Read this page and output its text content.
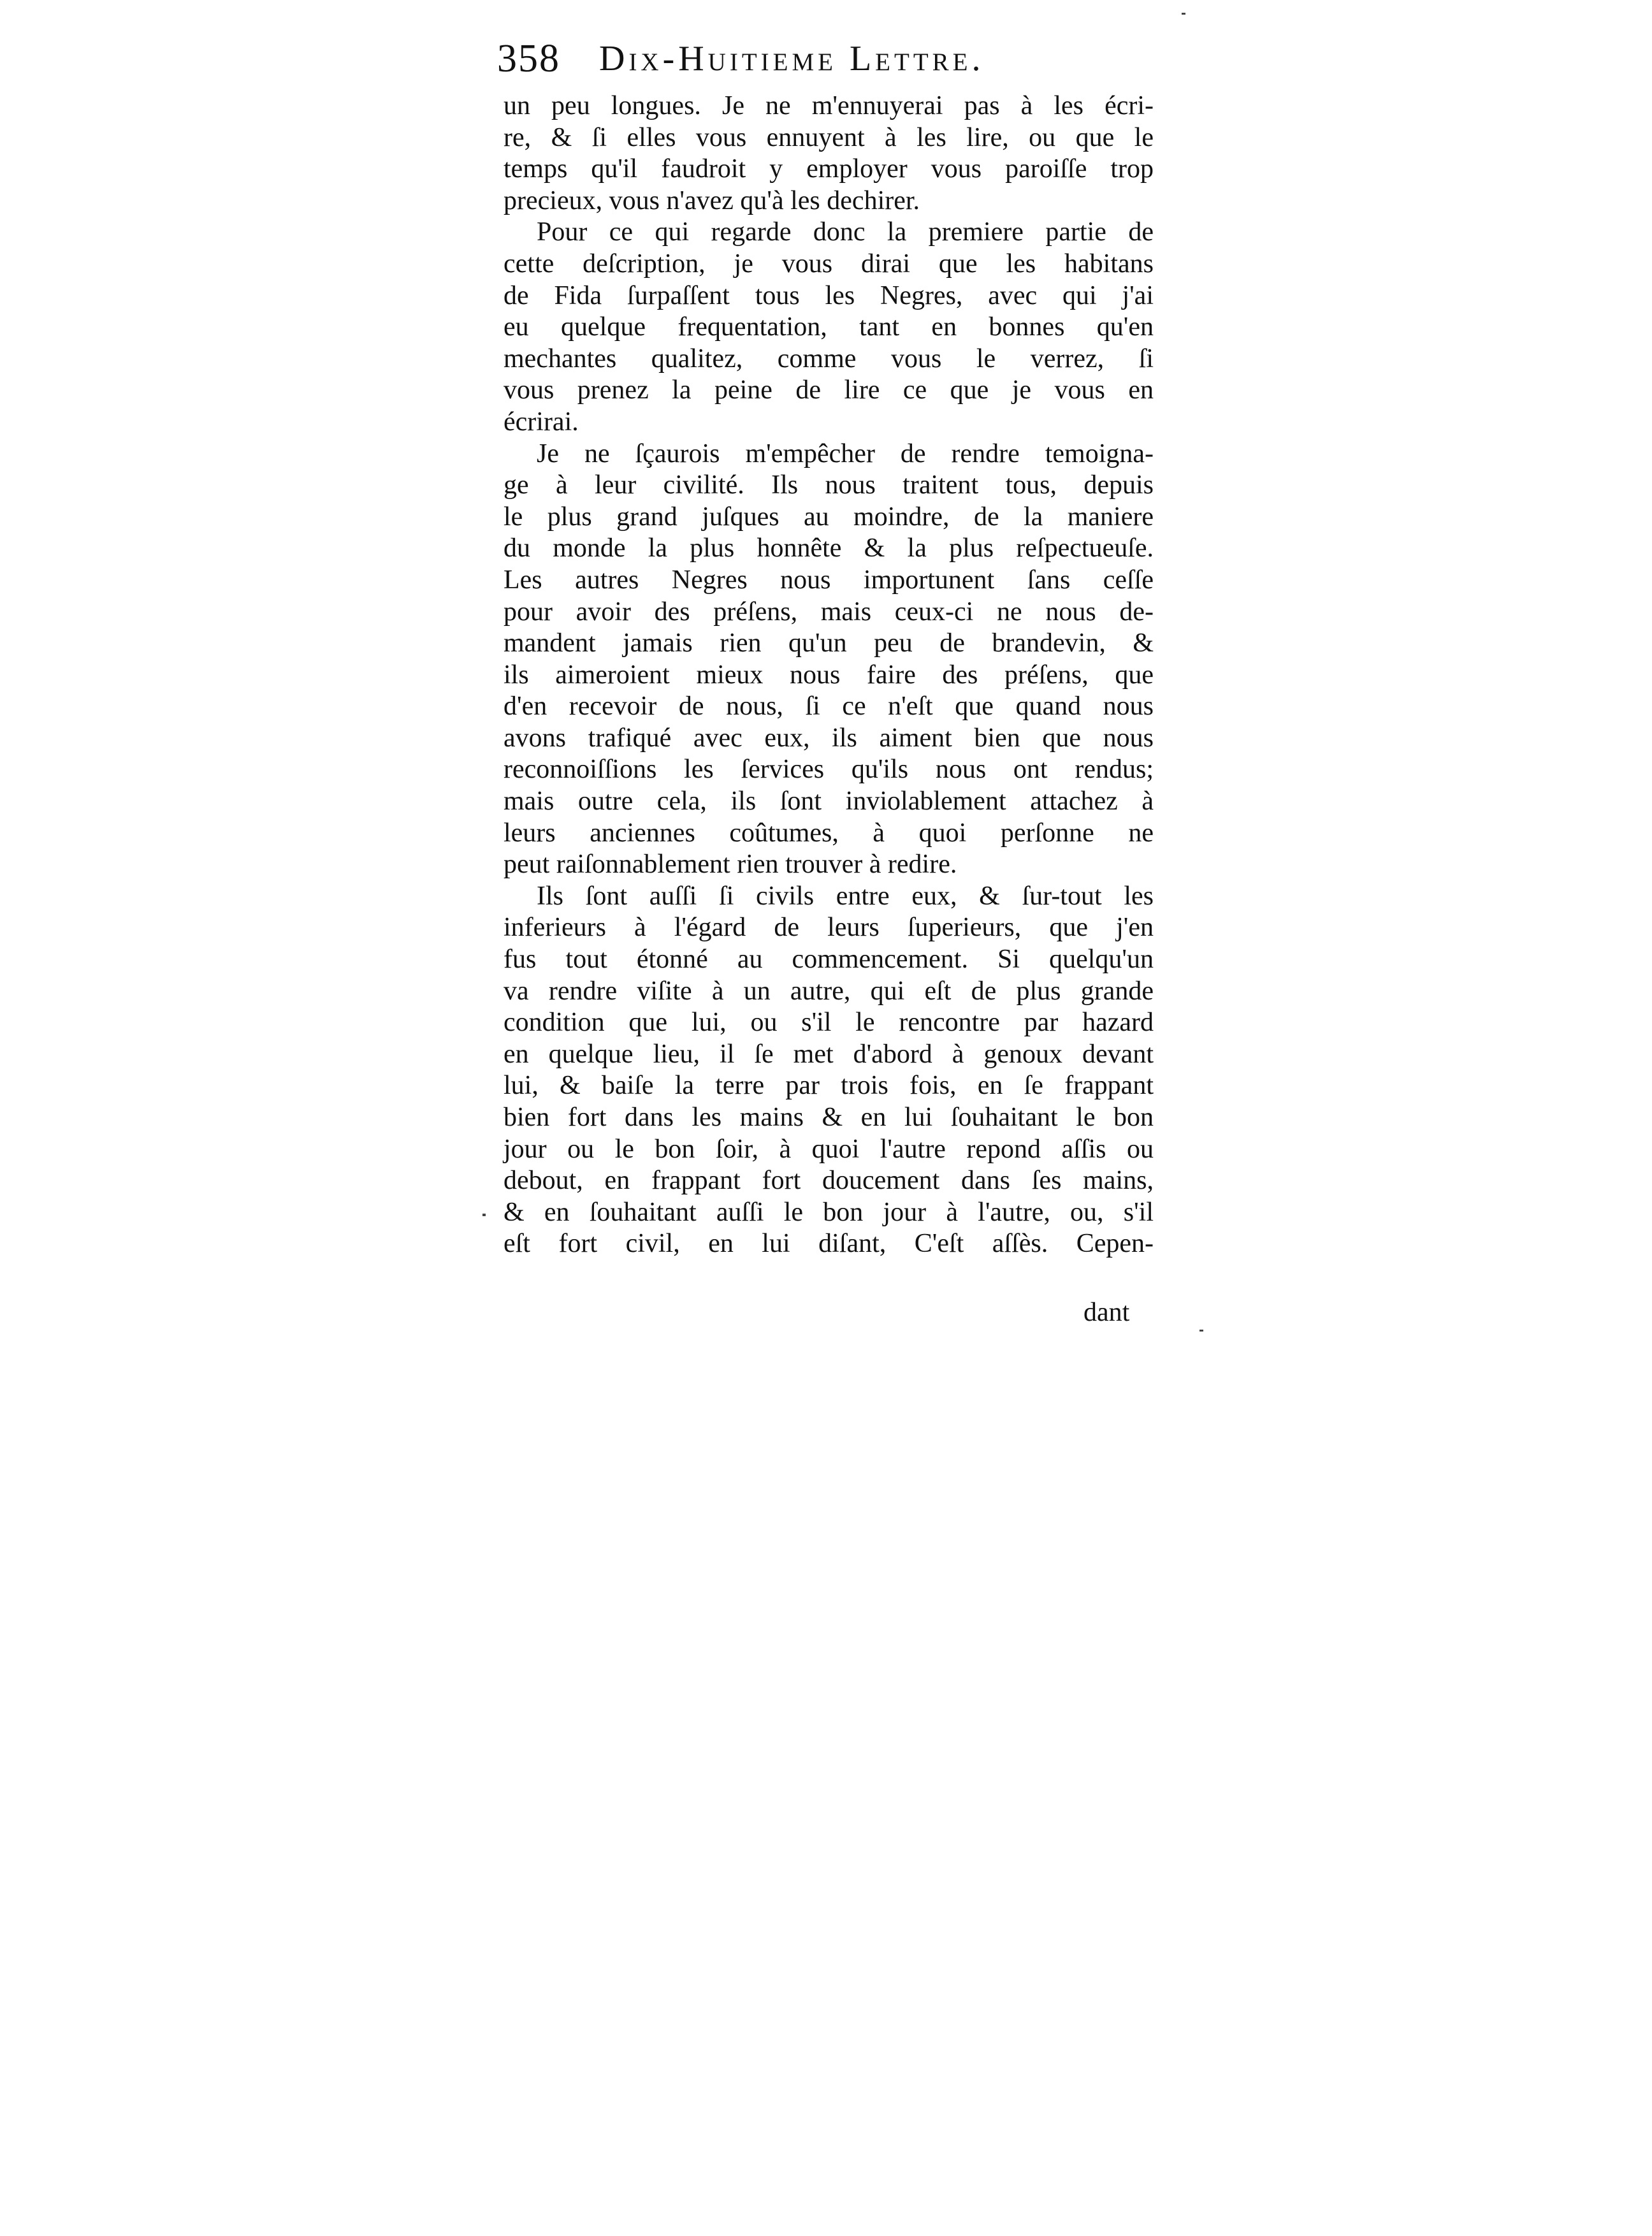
358 Dix-Huitieme Lettre.
un peu longues. Je ne m'ennuyerai pas à les écri-
re, & ſi elles vous ennuyent à les lire, ou que le
temps qu'il faudroit y employer vous paroiſſe trop
precieux, vous n'avez qu'à les dechirer.
Pour ce qui regarde donc la premiere partie de
cette deſcription, je vous dirai que les habitans
de Fida ſurpaſſent tous les Negres, avec qui j'ai
eu quelque frequentation, tant en bonnes qu'en
mechantes qualitez, comme vous le verrez, ſi
vous prenez la peine de lire ce que je vous en
écrirai.
Je ne ſçaurois m'empêcher de rendre temoigna-
ge à leur civilité. Ils nous traitent tous, depuis
le plus grand juſques au moindre, de la maniere
du monde la plus honnête & la plus reſpectueuſe.
Les autres Negres nous importunent ſans ceſſe
pour avoir des préſens, mais ceux-ci ne nous de-
mandent jamais rien qu'un peu de brandevin, &
ils aimeroient mieux nous faire des préſens, que
d'en recevoir de nous, ſi ce n'eſt que quand nous
avons trafiqué avec eux, ils aiment bien que nous
reconnoiſſions les ſervices qu'ils nous ont rendus;
mais outre cela, ils ſont inviolablement attachez à
leurs anciennes coûtumes, à quoi perſonne ne
peut raiſonnablement rien trouver à redire.
Ils ſont auſſi ſi civils entre eux, & ſur-tout les
inferieurs à l'égard de leurs ſuperieurs, que j'en
fus tout étonné au commencement. Si quelqu'un
va rendre viſite à un autre, qui eſt de plus grande
condition que lui, ou s'il le rencontre par hazard
en quelque lieu, il ſe met d'abord à genoux devant
lui, & baiſe la terre par trois fois, en ſe frappant
bien fort dans les mains & en lui ſouhaitant le bon
jour ou le bon ſoir, à quoi l'autre repond aſſis ou
debout, en frappant fort doucement dans ſes mains,
& en ſouhaitant auſſi le bon jour à l'autre, ou, s'il
eſt fort civil, en lui diſant, C'eſt aſſès. Cepen-
dant
